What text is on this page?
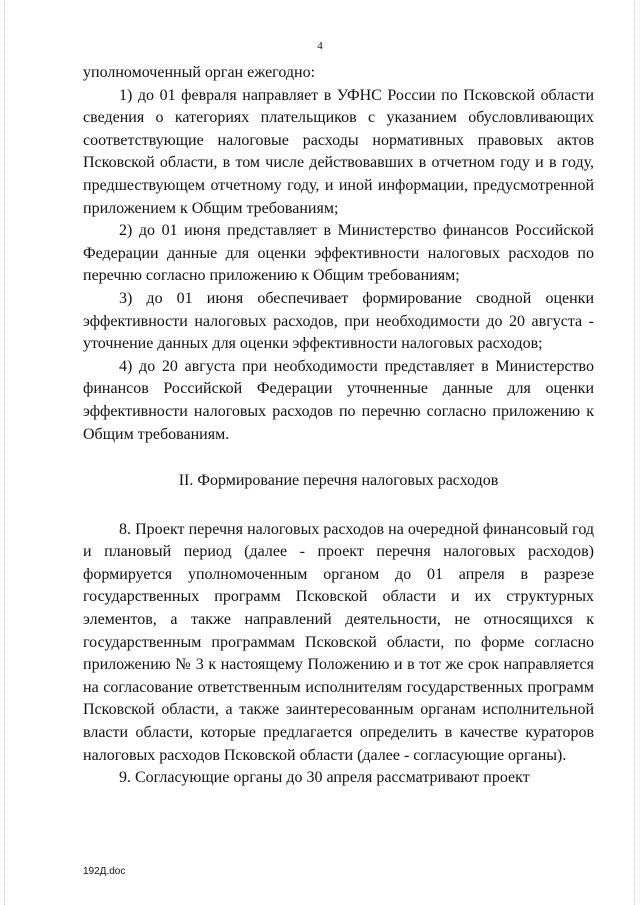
4

уполномоченный орган ежегодно:

1) до 01 февраля направляет в УФНС России по Псковской области сведения о категориях плательщиков с указанием обусловливающих соответствующие налоговые расходы нормативных правовых актов Псковской области, в том числе действовавших в отчетном году и в году, предшествующем отчетному году, и иной информации, предусмотренной приложением к Общим требованиям;

2) до 01 июня представляет в Министерство финансов Российской Федерации данные для оценки эффективности налоговых расходов по перечню согласно приложению к Общим требованиям;

3) до 01 июня обеспечивает формирование сводной оценки эффективности налоговых расходов, при необходимости до 20 августа - уточнение данных для оценки эффективности налоговых расходов;

4) до 20 августа при необходимости представляет в Министерство финансов Российской Федерации уточненные данные для оценки эффективности налоговых расходов по перечню согласно приложению к Общим требованиям.

II. Формирование перечня налоговых расходов

8. Проект перечня налоговых расходов на очередной финансовый год и плановый период (далее - проект перечня налоговых расходов) формируется уполномоченным органом до 01 апреля в разрезе государственных программ Псковской области и их структурных элементов, а также направлений деятельности, не относящихся к государственным программам Псковской области, по форме согласно приложению № 3 к настоящему Положению и в тот же срок направляется на согласование ответственным исполнителям государственных программ Псковской области, а также заинтересованным органам исполнительной власти области, которые предлагается определить в качестве кураторов налоговых расходов Псковской области (далее - согласующие органы).

9. Согласующие органы до 30 апреля рассматривают проект

192Д.doc
